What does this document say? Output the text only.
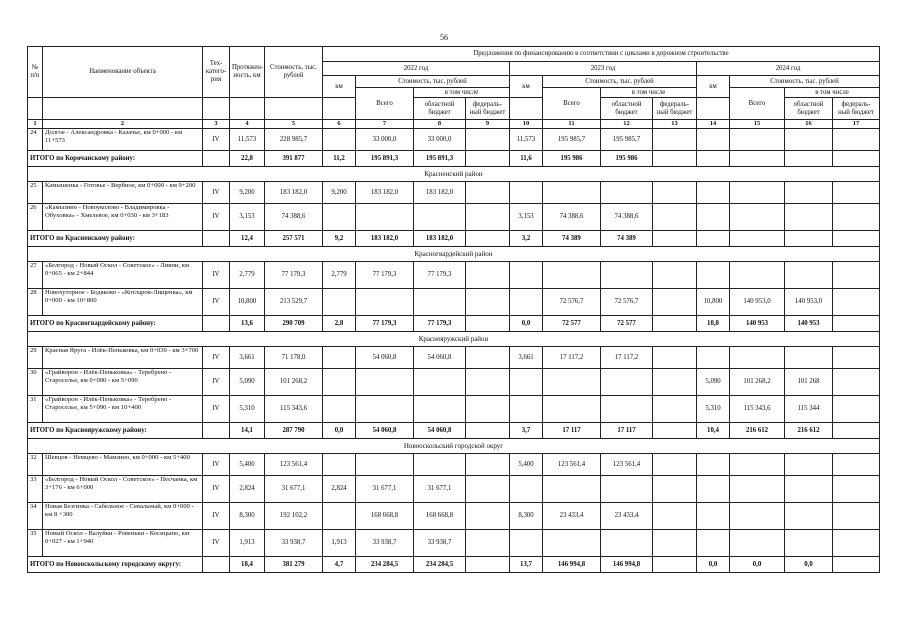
56
№ п/п	Наименование объекта	Тех- катего- рия	Протяжен- ность, км	Стоимость, тыс. рублей	Предложения по финансированию в соответствии с циклами в дорожном строительстве											
					2022 год				2023 год				2024 год			
					км	Стоимость, тыс. рублей			км	Стоимость, тыс. рублей			км	Стоимость, тыс. рублей		
						Всего	в том числе			Всего	в том числе			Всего	в том числе	
							областной бюджет	федераль- ный бюджет			областной бюджет	федераль- ный бюджет			областной бюджет	федераль- ный бюджет
1	2	3	4	5	6	7	8	9	10	11	12	13	14	15	16	17
24	Долгое - Александровка - Казачье, км 0+000 - км 11+573	IV	11,573	228 985,7		33 000,0	33 000,0		11,573	195 985,7	195 985,7					
ИТОГО по Корочанскому району:			22,8	391 877	11,2	195 891,3	195 891,3		11,6	195 986	195 986					
Красненский район																
25	Камышенка - Готовье - Вербное, км 0+000 - км 9+200	IV	9,200	183 182,0	9,200	183 182,0	183 182,0									
26	«Камызино - Новоуколово - Владимировка - Обуховка» - Хмелевое, км 0+030 - км 3+183	IV	3,153	74 388,6					3,153	74 388,6	74 388,6					
ИТОГО по Красненскому району:			12,4	257 571	9,2	183 182,0	183 182,0		3,2	74 389	74 389					
Красногвардейский район																
27	«Белгород - Новый Оскол - Советское» - Ливни, км 0+065 - км 2+844	IV	2,779	77 179,3	2,779	77 179,3	77 179,3									
28	Новохуторное - Бодяково - «Котларов-Лищенка», км 0+000 - км 10+800	IV	10,800	213 529,7						72 576,7	72 576,7		10,800	140 953,0	140 953,0	
ИТОГО по Красногвардейскому району:			13,6	290 709	2,8	77 179,3	77 179,3		0,0	72 577	72 577		10,8	140 953	140 953	
Краснояружский район																
29	Красная Яруга - Илёк-Пеньковка, км 0+039 - км 3+700	IV	3,661	71 178,0		54 060,8	54 060,8		3,661	17 117,2	17 117,2					
30	«Грайворон - Илёк-Пеньковка» - Теребрено - Староселье, км 0+000 - км 5+090	IV	5,090	101 268,2									5,090	101 268,2	101 268	
31	«Грайворон - Илёк-Пеньковка» - Теребрено - Староселье, км 5+090 - км 10+400	IV	5,310	115 343,6									5,310	115 343,6	115 344	
ИТОГО по Краснояружскому району:			14,1	287 790	0,0	54 060,8	54 060,8		3,7	17 117	17 117		10,4	216 612	216 612	
Новооскольский городской округ																
32	Шевцов - Немцево - Мамзино, км 0+000 - км 5+400	IV	5,400	123 561,4					5,400	123 561,4	123 561,4					
33	«Белгород - Новый Оскол - Советское» - Песчанка, км 3+176 - км 6+000	IV	2,824	31 677,1	2,824	31 677,1	31 677,1									
34	Новая Безгинка - Сабельное - Севальный, км 0+000 - км 8 +300	IV	8,300	192 102,2		168 668,8	168 668,8		8,300	23 433,4	23 433,4					
35	Новый Оскол - Валуйки - Ровеньки - Косицыно, км 0+027 - км 1+940	IV	1,913	33 938,7	1,913	33 938,7	33 938,7									
ИТОГО по Новооскольскому городскому округу:			18,4	381 279	4,7	234 284,5	234 284,5		13,7	146 994,8	146 994,8		0,0	0,0	0,0	
